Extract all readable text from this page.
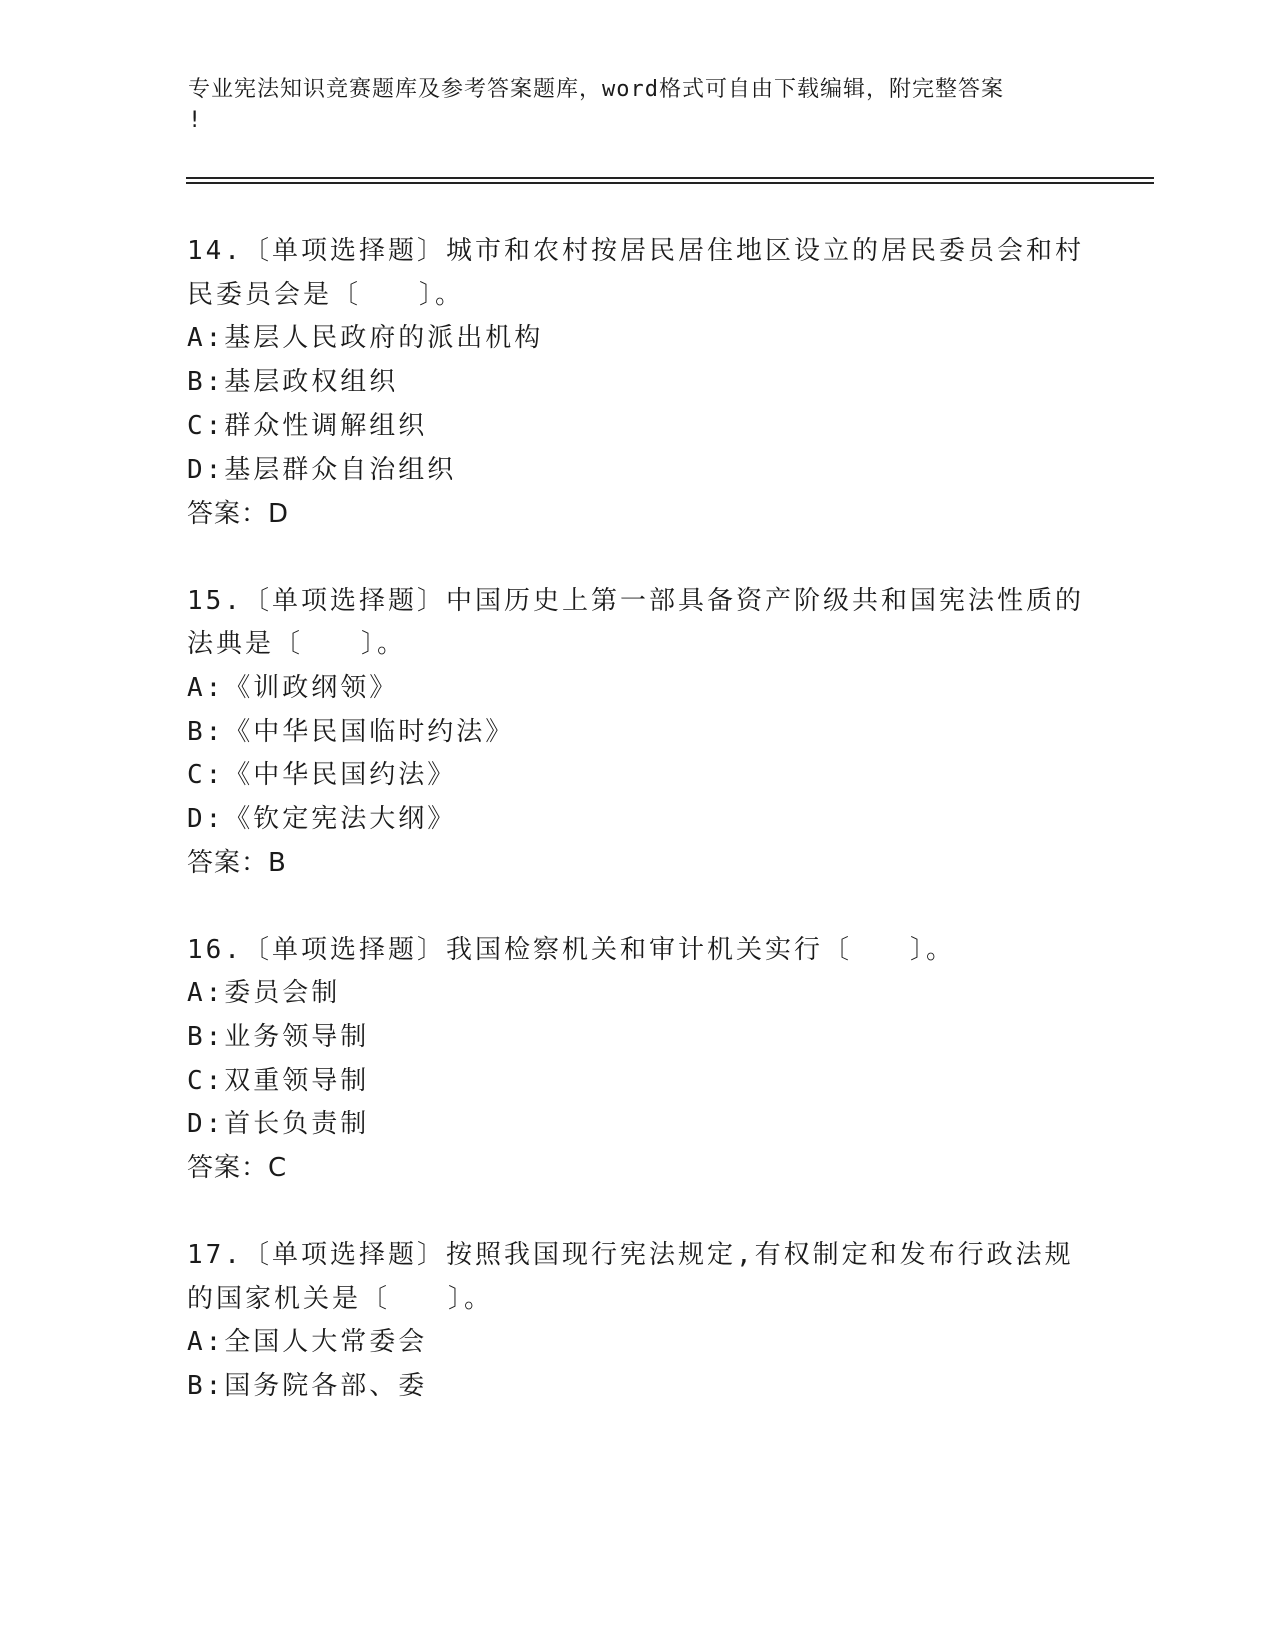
专业宪法知识竞赛题库及参考答案题库，word格式可自由下载编辑，附完整答案
!
14.〔单项选择题〕城市和农村按居民居住地区设立的居民委员会和村
民委员会是〔　　〕。
A:基层人民政府的派出机构
B:基层政权组织
C:群众性调解组织
D:基层群众自治组织
答案：D
15.〔单项选择题〕中国历史上第一部具备资产阶级共和国宪法性质的
法典是〔　　〕。
A:《训政纲领》
B:《中华民国临时约法》
C:《中华民国约法》
D:《钦定宪法大纲》
答案：B
16.〔单项选择题〕我国检察机关和审计机关实行〔　　〕。
A:委员会制
B:业务领导制
C:双重领导制
D:首长负责制
答案：C
17.〔单项选择题〕按照我国现行宪法规定,有权制定和发布行政法规
的国家机关是〔　　〕。
A:全国人大常委会
B:国务院各部、委
